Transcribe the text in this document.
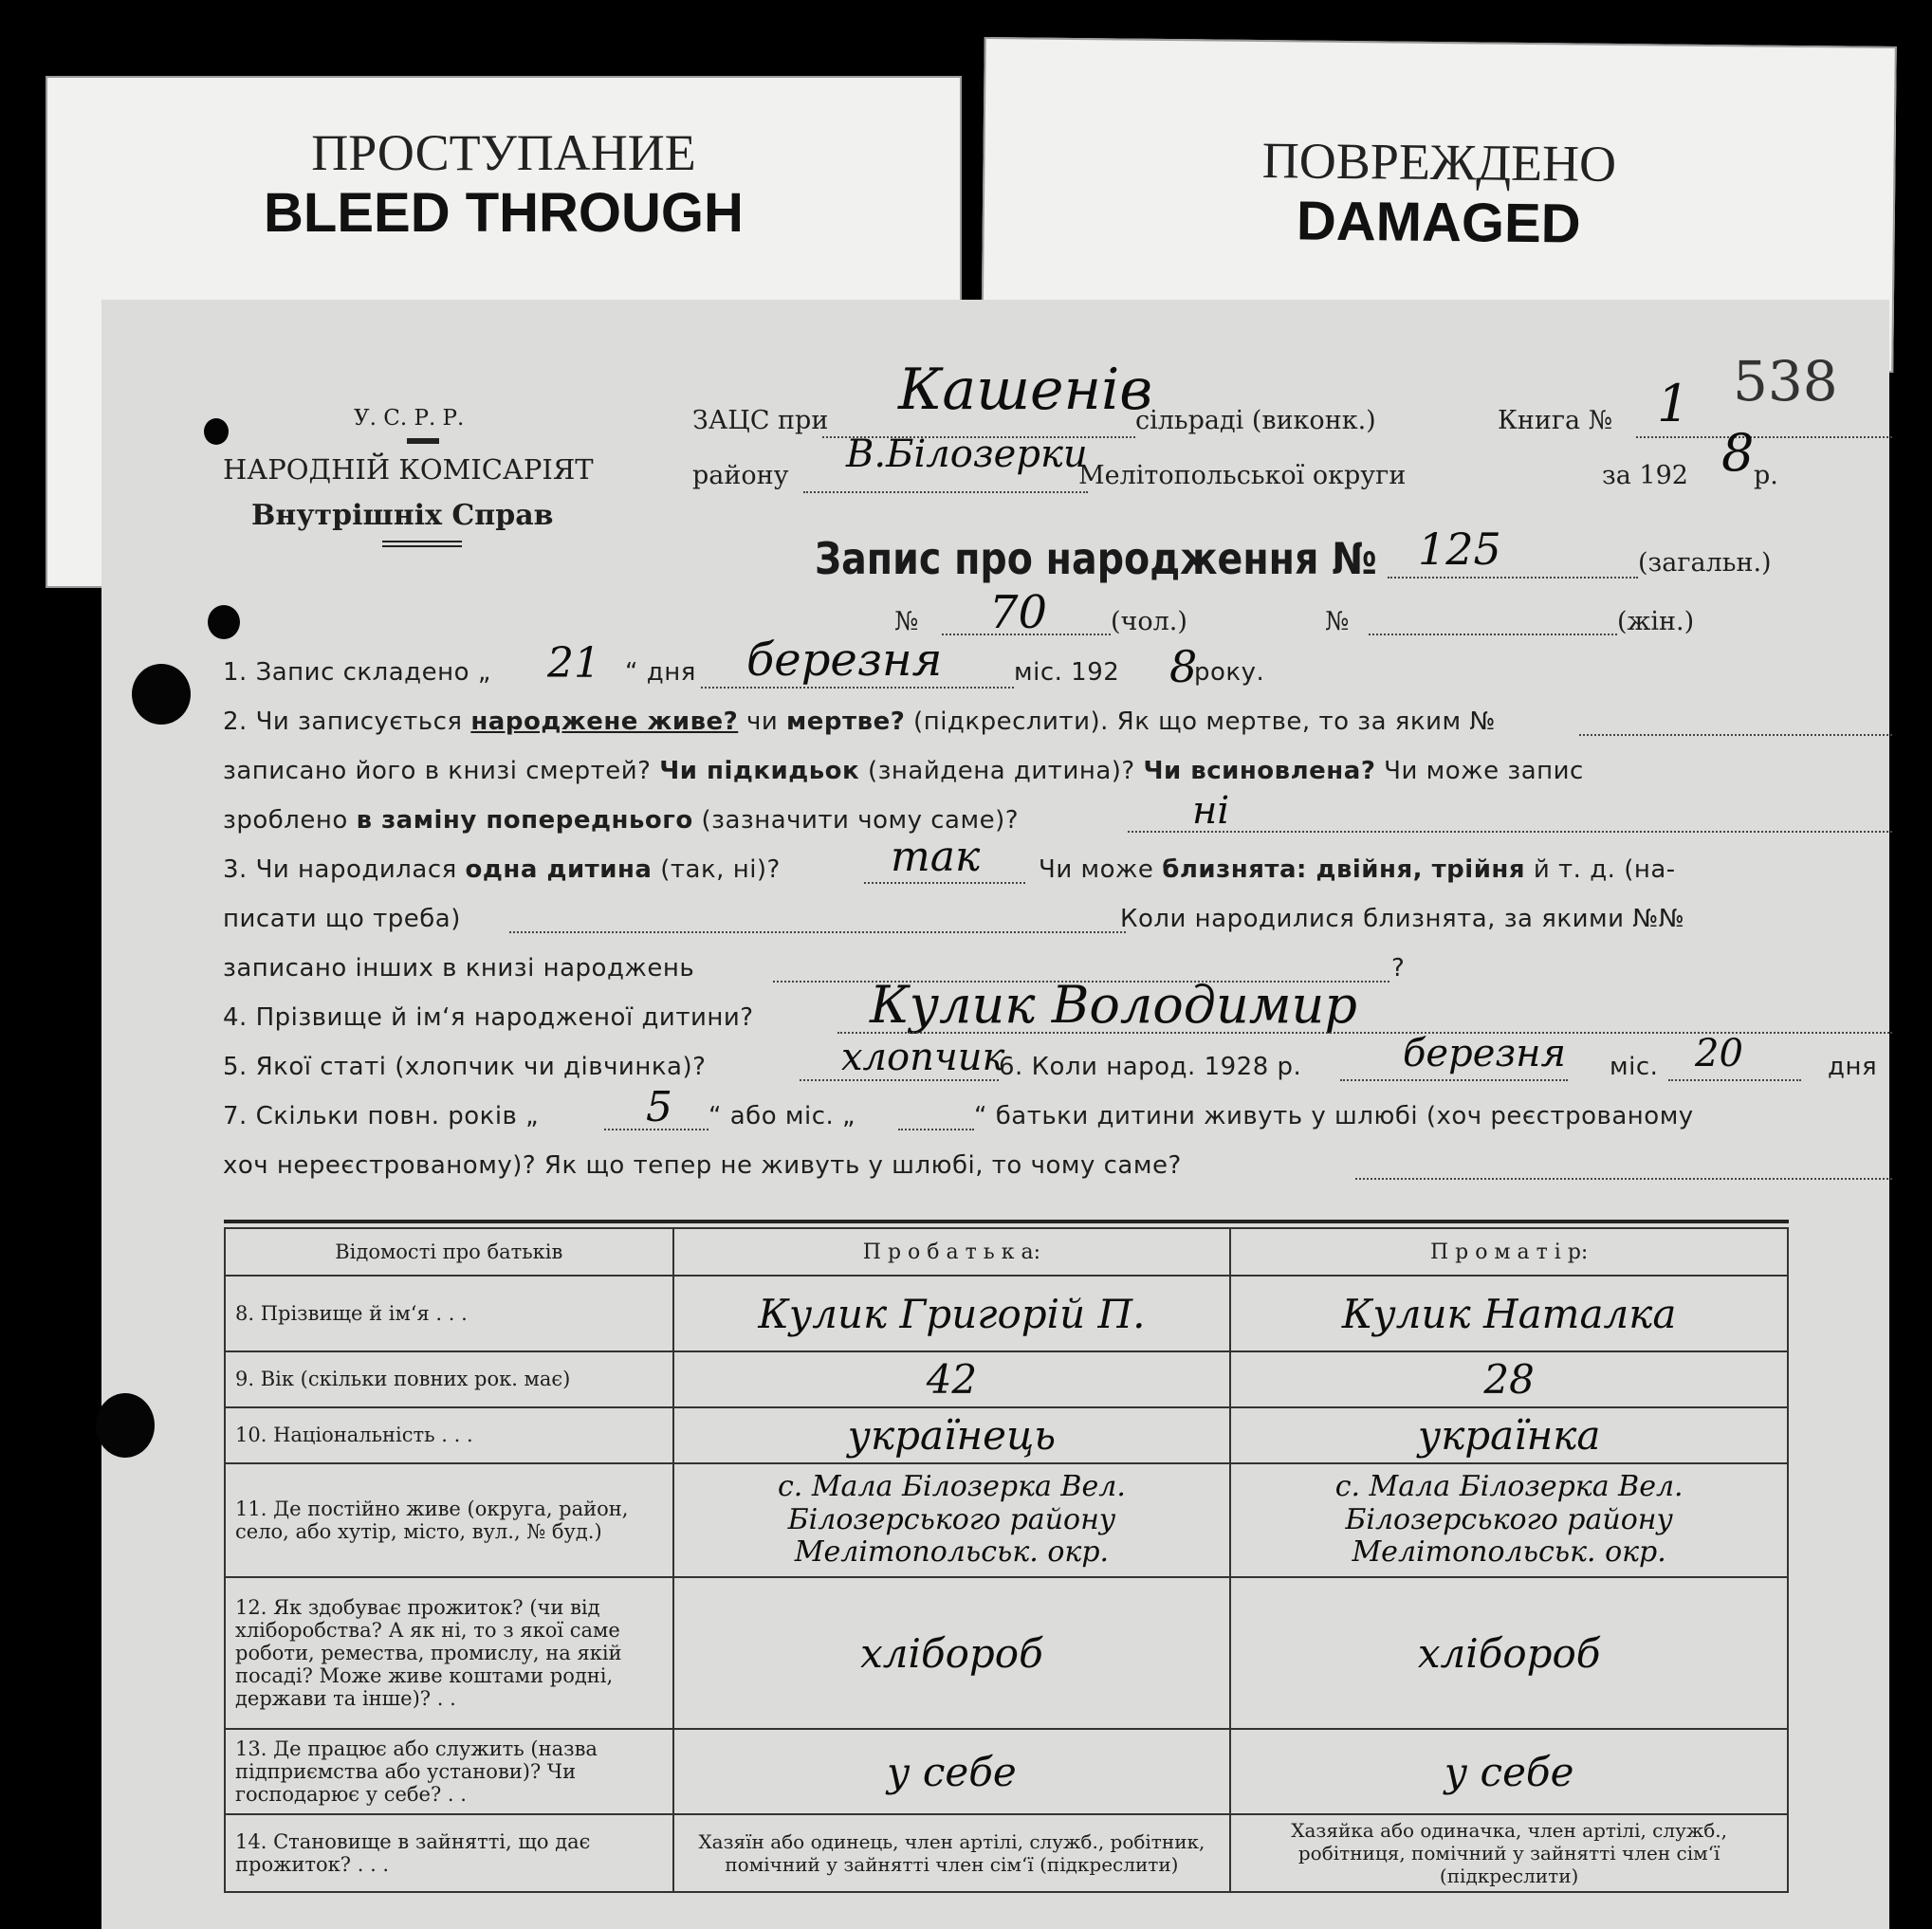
ПРОСТУПАНИЕ
BLEED THROUGH
ПОВРЕЖДЕНО
DAMAGED
538
У. С. Р. Р.
НАРОДНІЙ КОМІСАРІЯТ
Внутрішніх Справ
ЗАЦС при Кашенів
сільраді (виконк.)	Книга № 1
району В.Білозерки
Мелітопольської округи	за 192 8 р.
Запис про народження № 125	(загальн.)
№ 70 (чол.)	№	(жін.)
1. Запис складено „ 21 “ дня березня	міс. 192 8
року.
2. Чи записується народжене живе? чи мертве? (підкреслити). Як що мертве, то за яким №
записано його в книзі смертей? Чи підкидьок (знайдена дитина)? Чи всиновлена? Чи може запис
зроблено в заміну попереднього (зазначити чому саме)?	ні
3. Чи народилася одна дитина (так, ні)?	так Чи може близнята: двійня, трійня й т. д. (на-
писати що треба)	Коли народилися близнята, за якими №№
записано інших в книзі народжень	?
4. Прізвище й ім‘я народженої дитини? Кулик Володимир
5. Якої статі (хлопчик чи дівчинка)?	хлопчик
6. Коли народ. 1928 р.	березня міс. 20	дня
7. Скільки повн. років „	5 “ або міс. „	“ батьки дитини живуть у шлюбі (хоч реєстрованому
хоч нереєстрованому)? Як що тепер не живуть у шлюбі, то чому саме?
Відомості про батьків	П р о б а т ь к а:	П р о м а т і р:
8. Прізвище й ім‘я . . .	Кулик Григорій П.	Кулик Наталка
9. Вік (скільки повних рок. має)	42	28
10. Національність . . .	українець	українка
11. Де постійно живе (округа, район, село, або хутір, місто, вул., № буд.)	с. Мала Білозерка Вел. Білозерського району Мелітопольськ. окр.	с. Мала Білозерка Вел. Білозерського району Мелітопольськ. окр.
12. Як здобуває прожиток? (чи від хліборобства? А як ні, то з якої саме роботи, ремества, промислу, на якій посаді? Може живе коштами родні, держави та інше)? . .	хлібороб	хлібороб
13. Де працює або служить (назва підприємства або установи)? Чи господарює у себе? . .	у себе	у себе
14. Становище в зайнятті, що дає прожиток? . . .	Хазяїн або одинець, член артілі, служб., робітник, помічний у зайнятті член сім‘ї (підкреслити)	Хазяйка або одиначка, член артілі, служб., робітниця, помічний у зайнятті член сім‘ї (підкреслити)
